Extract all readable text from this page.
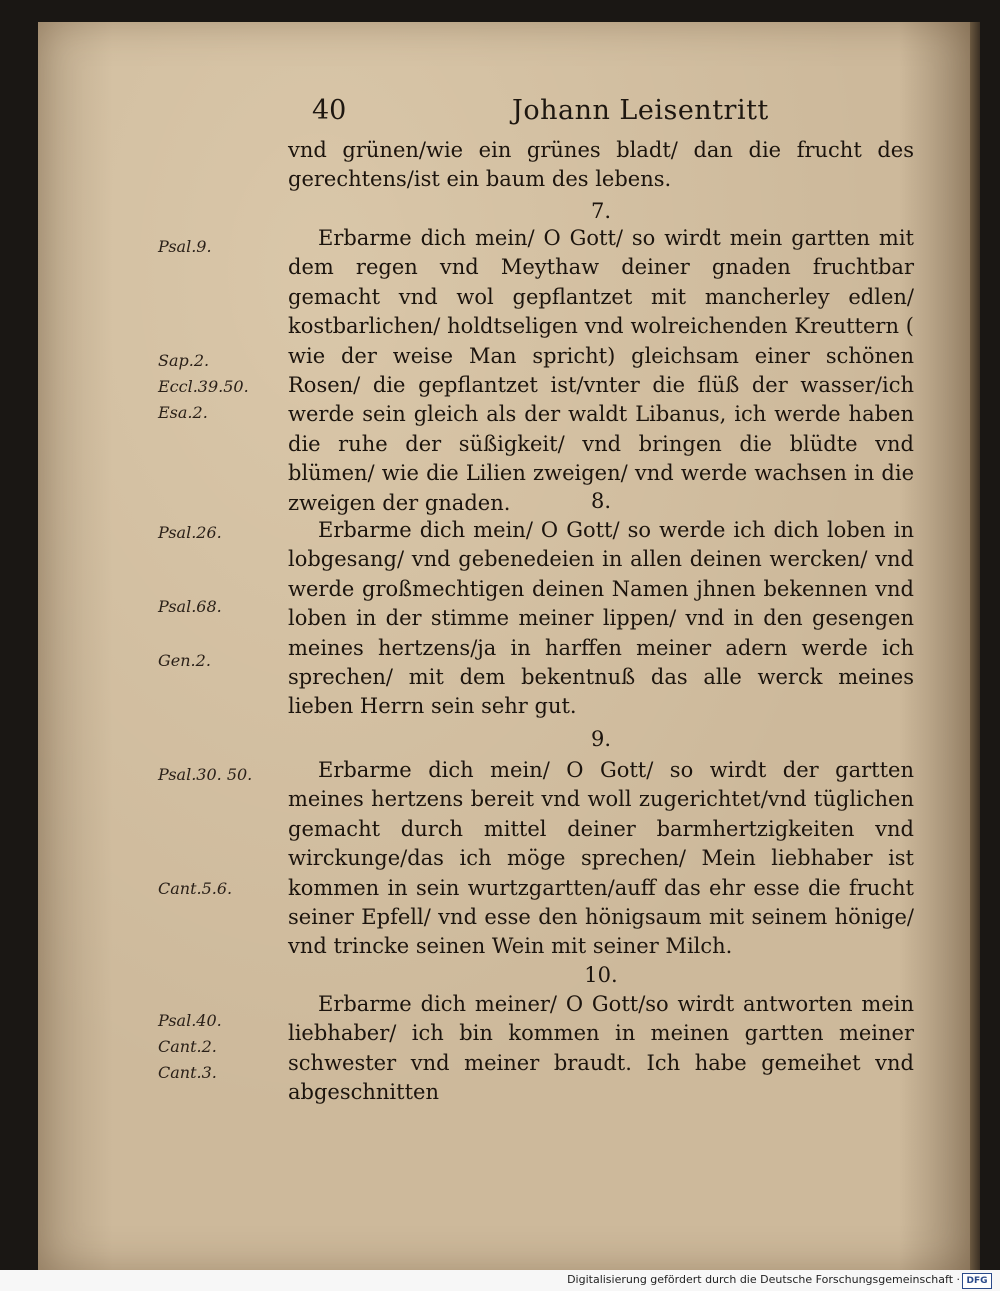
40	Johann Leisentritt
vnd grünen/wie ein grünes bladt/ dan die frucht des gerechtens/ist ein baum des lebens.
7.
Erbarme dich mein/ O Gott/ so wirdt mein gartten mit dem regen vnd Meythaw deiner gnaden fruchtbar gemacht vnd wol gepflantzet mit mancherley edlen/ kostbarlichen/ holdtseligen vnd wolreichenden Kreuttern ( wie der weise Man spricht) gleichsam einer schönen Rosen/ die gepflantzet ist/vnter die flüß der wasser/ich werde sein gleich als der waldt Libanus, ich werde haben die ruhe der süßigkeit/ vnd bringen die blüdte vnd blümen/ wie die Lilien zweigen/ vnd werde wachsen in die zweigen der gnaden.	8.
Erbarme dich mein/ O Gott/ so werde ich dich loben in lobgesang/ vnd gebenedeien in allen deinen wercken/ vnd werde großmechtigen deinen Namen jhnen bekennen vnd loben in der stimme meiner lippen/ vnd in den gesengen meines hertzens/ja in harffen meiner adern werde ich sprechen/ mit dem bekentnuß das alle werck meines lieben Herrn sein sehr gut.
9.
Erbarme dich mein/ O Gott/ so wirdt der gartten meines hertzens bereit vnd woll zugerichtet/vnd tüglichen gemacht durch mittel deiner barmhertzigkeiten vnd wirckunge/das ich möge sprechen/ Mein liebhaber ist kommen in sein wurtzgartten/auff das ehr esse die frucht seiner Epfell/ vnd esse den hönigsaum mit seinem hönige/ vnd trincke seinen Wein mit seiner Milch.
10.
Erbarme dich meiner/ O Gott/so wirdt antworten mein liebhaber/ ich bin kommen in meinen gartten meiner schwester vnd meiner braudt. Ich habe gemeihet vnd abgeschnitten
Psal.9.
Sap.2.
Eccl.39.50.
Esa.2.
Psal.26.
Psal.68.
Gen.2.
Psal.30. 50.
Cant.5.6.
Psal.40.
Cant.2.
Cant.3.
Digitalisierung gefördert durch die Deutsche Forschungsgemeinschaft · DFG
